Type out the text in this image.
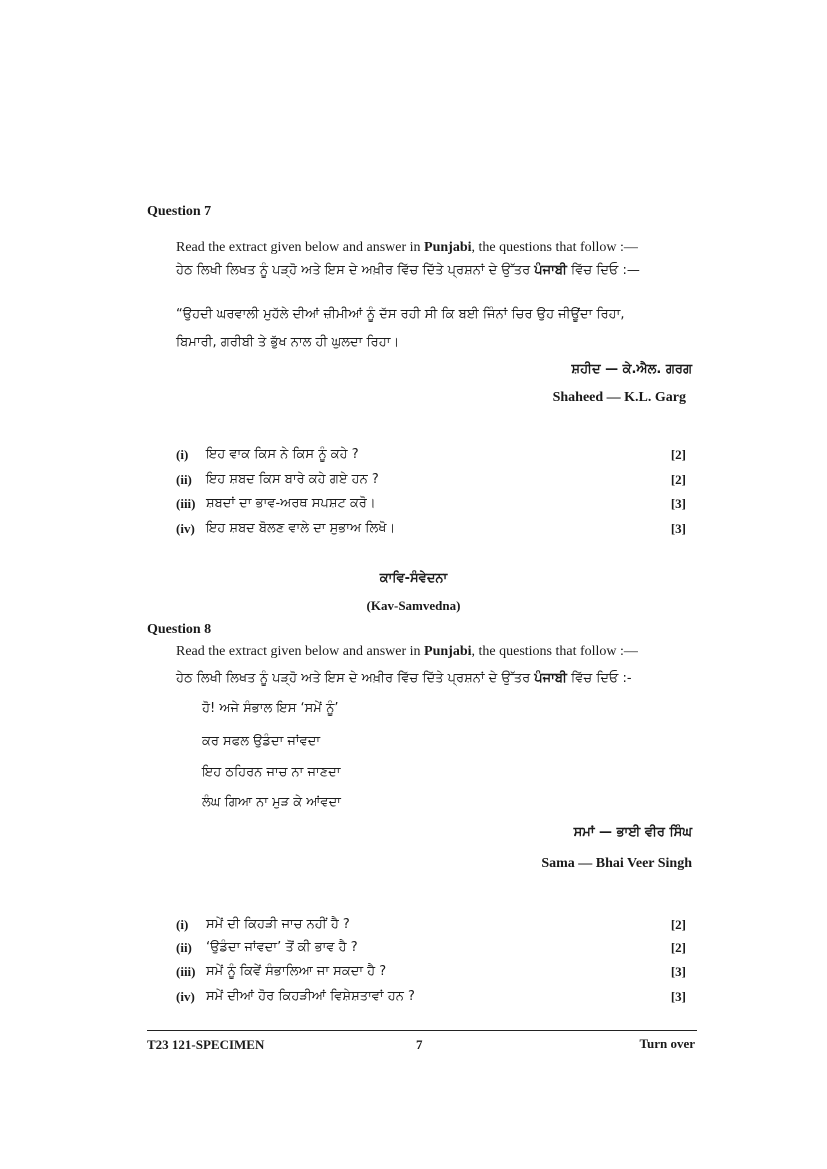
Question 7
Read the extract given below and answer in Punjabi, the questions that follow :—
ਹੇਠ ਲਿਖੀ ਲਿਖਤ ਨੂੰ ਪੜ੍ਹੋ ਅਤੇ ਇਸ ਦੇ ਅਖ਼ੀਰ ਵਿੱਚ ਦਿੱਤੇ ਪ੍ਰਸ਼ਨਾਂ ਦੇ ਉੱਤਰ ਪੰਜਾਬੀ ਵਿੱਚ ਦਿਓ :—
“ਉਹਦੀ ਘਰਵਾਲੀ ਮੁਹੱਲੇ ਦੀਆਂ ਜ਼ੀਮੀਆਂ ਨੂੰ ਦੱਸ ਰਹੀ ਸੀ ਕਿ ਬਈ ਜਿੰਨਾਂ ਚਿਰ ਉਹ ਜੀਊਂਦਾ ਰਿਹਾ,
ਬਿਮਾਰੀ, ਗਰੀਬੀ ਤੇ ਭੁੱਖ ਨਾਲ ਹੀ ਘੁਲਦਾ ਰਿਹਾ।
ਸ਼ਹੀਦ — ਕੇ.ਐਲ. ਗਰਗ
Shaheed — K.L. Garg
(i) ਇਹ ਵਾਕ ਕਿਸ ਨੇ ਕਿਸ ਨੂੰ ਕਹੇ ?	[2]
(ii) ਇਹ ਸ਼ਬਦ ਕਿਸ ਬਾਰੇ ਕਹੇ ਗਏ ਹਨ ?	[2]
(iii) ਸ਼ਬਦਾਂ ਦਾ ਭਾਵ-ਅਰਥ ਸਪਸ਼ਟ ਕਰੋ।	[3]
(iv) ਇਹ ਸ਼ਬਦ ਬੋਲਣ ਵਾਲੇ ਦਾ ਸੁਭਾਅ ਲਿਖੋ।	[3]
ਕਾਵਿ-ਸੰਵੇਦਨਾ
(Kav-Samvedna)
Question 8
Read the extract given below and answer in Punjabi, the questions that follow :—
ਹੇਠ ਲਿਖੀ ਲਿਖਤ ਨੂੰ ਪੜ੍ਹੋ ਅਤੇ ਇਸ ਦੇ ਅਖ਼ੀਰ ਵਿੱਚ ਦਿੱਤੇ ਪ੍ਰਸ਼ਨਾਂ ਦੇ ਉੱਤਰ ਪੰਜਾਬੀ ਵਿੱਚ ਦਿਓ :-
ਹੋ! ਅਜੇ ਸੰਭਾਲ ਇਸ ‘ਸਮੇਂ ਨੂੰ’
ਕਰ ਸਫਲ ਉਡੰਦਾ ਜਾਂਵਦਾ
ਇਹ ਠਹਿਰਨ ਜਾਚ ਨਾ ਜਾਣਦਾ
ਲੰਘ ਗਿਆ ਨਾ ਮੁੜ ਕੇ ਆਂਵਦਾ
ਸਮਾਂ — ਭਾਈ ਵੀਰ ਸਿੰਘ
Sama — Bhai Veer Singh
(i) ਸਮੇਂ ਦੀ ਕਿਹੜੀ ਜਾਚ ਨਹੀਂ ਹੈ ?	[2]
(ii) ‘ਉਡੰਦਾ ਜਾਂਵਦਾ’ ਤੋਂ ਕੀ ਭਾਵ ਹੈ ?	[2]
(iii) ਸਮੇਂ ਨੂੰ ਕਿਵੇਂ ਸੰਭਾਲਿਆ ਜਾ ਸਕਦਾ ਹੈ ?	[3]
(iv) ਸਮੇਂ ਦੀਆਂ ਹੋਰ ਕਿਹੜੀਆਂ ਵਿਸ਼ੇਸ਼ਤਾਵਾਂ ਹਨ ?	[3]
T23 121-SPECIMEN	7	Turn over
